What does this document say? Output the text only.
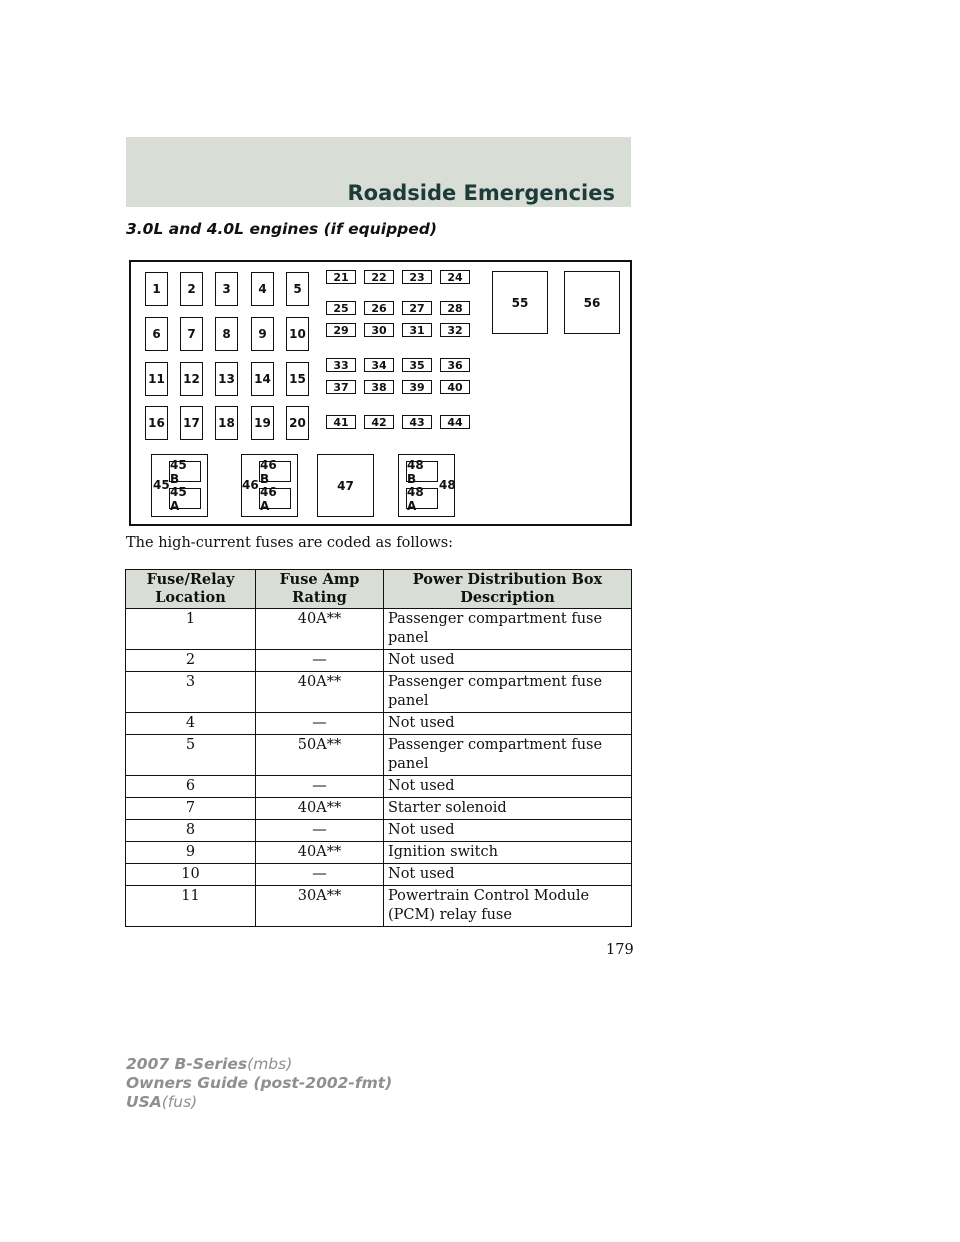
Roadside Emergencies
3.0L and 4.0L engines (if equipped)
55	56
45 B
45 A
45
46 B
46 A
46	47
48 B
48 A
48
1	2	3	4	5
6	7	8	9	10
11 12 13 14 15
16 17 18 19 20
21	22	23	24
25	26	27	28
29	30	31	32
33	34	35	36
37	38	39	40
41	42	43	44
The high-current fuses are coded as follows:
Fuse/Relay Location	Fuse Amp Rating	Power Distribution Box Description
1	40A**	Passenger compartment fuse panel
2	—	Not used
3	40A**	Passenger compartment fuse panel
4	—	Not used
5	50A**	Passenger compartment fuse panel
6	—	Not used
7	40A**	Starter solenoid
8	—	Not used
9	40A**	Ignition switch
10	—	Not used
11	30A**	Powertrain Control Module (PCM) relay fuse
179
2007 B-Series(mbs)
Owners Guide (post-2002-fmt)
USA(fus)
